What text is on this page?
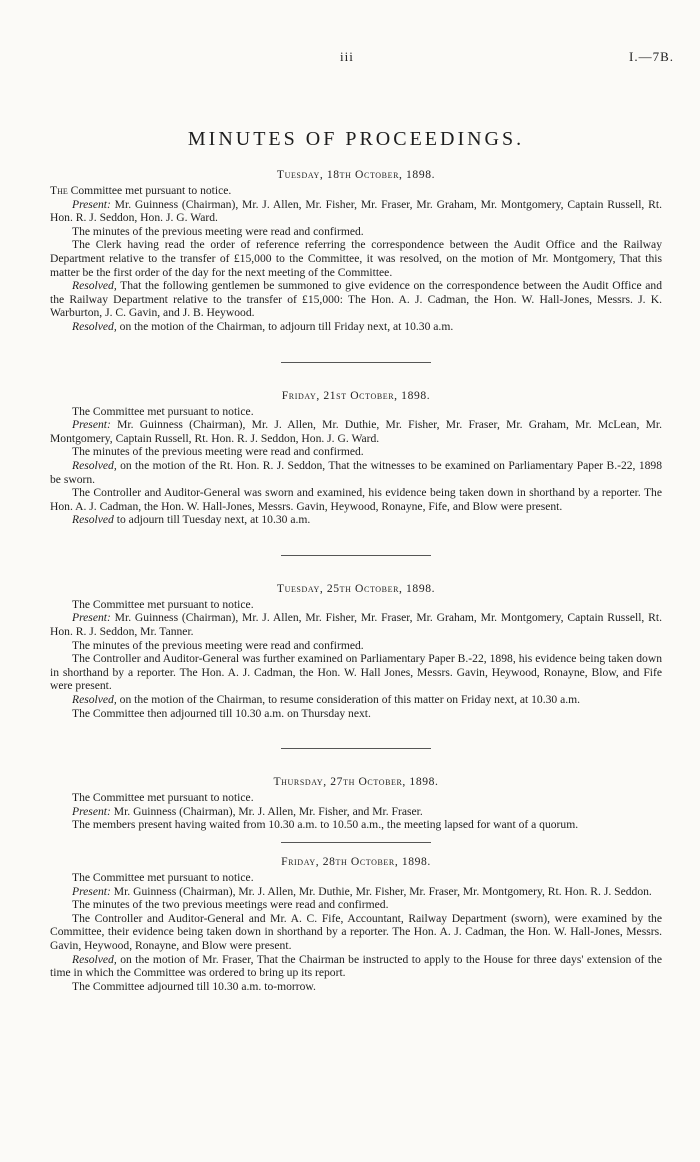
iii	I.—7B.
MINUTES OF PROCEEDINGS.
Tuesday, 18th October, 1898.

The Committee met pursuant to notice.

Present: Mr. Guinness (Chairman), Mr. J. Allen, Mr. Fisher, Mr. Fraser, Mr. Graham, Mr. Montgomery, Captain Russell, Rt. Hon. R. J. Seddon, Hon. J. G. Ward.

The minutes of the previous meeting were read and confirmed.

The Clerk having read the order of reference referring the correspondence between the Audit Office and the Railway Department relative to the transfer of £15,000 to the Committee, it was resolved, on the motion of Mr. Montgomery, That this matter be the first order of the day for the next meeting of the Committee.

Resolved, That the following gentlemen be summoned to give evidence on the correspondence between the Audit Office and the Railway Department relative to the transfer of £15,000: The Hon. A. J. Cadman, the Hon. W. Hall-Jones, Messrs. J. K. Warburton, J. C. Gavin, and J. B. Heywood.

Resolved, on the motion of the Chairman, to adjourn till Friday next, at 10.30 a.m.

Friday, 21st October, 1898.

The Committee met pursuant to notice.

Present: Mr. Guinness (Chairman), Mr. J. Allen, Mr. Duthie, Mr. Fisher, Mr. Fraser, Mr. Graham, Mr. McLean, Mr. Montgomery, Captain Russell, Rt. Hon. R. J. Seddon, Hon. J. G. Ward.

The minutes of the previous meeting were read and confirmed.

Resolved, on the motion of the Rt. Hon. R. J. Seddon, That the witnesses to be examined on Parliamentary Paper B.-22, 1898 be sworn.

The Controller and Auditor-General was sworn and examined, his evidence being taken down in shorthand by a reporter. The Hon. A. J. Cadman, the Hon. W. Hall-Jones, Messrs. Gavin, Heywood, Ronayne, Fife, and Blow were present.

Resolved to adjourn till Tuesday next, at 10.30 a.m.

Tuesday, 25th October, 1898.

The Committee met pursuant to notice.

Present: Mr. Guinness (Chairman), Mr. J. Allen, Mr. Fisher, Mr. Fraser, Mr. Graham, Mr. Montgomery, Captain Russell, Rt. Hon. R. J. Seddon, Mr. Tanner.

The minutes of the previous meeting were read and confirmed.

The Controller and Auditor-General was further examined on Parliamentary Paper B.-22, 1898, his evidence being taken down in shorthand by a reporter. The Hon. A. J. Cadman, the Hon. W. Hall Jones, Messrs. Gavin, Heywood, Ronayne, Blow, and Fife were present.

Resolved, on the motion of the Chairman, to resume consideration of this matter on Friday next, at 10.30 a.m.

The Committee then adjourned till 10.30 a.m. on Thursday next.

Thursday, 27th October, 1898.

The Committee met pursuant to notice.

Present: Mr. Guinness (Chairman), Mr. J. Allen, Mr. Fisher, and Mr. Fraser.

The members present having waited from 10.30 a.m. to 10.50 a.m., the meeting lapsed for want of a quorum.

Friday, 28th October, 1898.

The Committee met pursuant to notice.

Present: Mr. Guinness (Chairman), Mr. J. Allen, Mr. Duthie, Mr. Fisher, Mr. Fraser, Mr. Montgomery, Rt. Hon. R. J. Seddon.

The minutes of the two previous meetings were read and confirmed.

The Controller and Auditor-General and Mr. A. C. Fife, Accountant, Railway Department (sworn), were examined by the Committee, their evidence being taken down in shorthand by a reporter. The Hon. A. J. Cadman, the Hon. W. Hall-Jones, Messrs. Gavin, Heywood, Ronayne, and Blow were present.

Resolved, on the motion of Mr. Fraser, That the Chairman be instructed to apply to the House for three days' extension of the time in which the Committee was ordered to bring up its report.

The Committee adjourned till 10.30 a.m. to-morrow.
